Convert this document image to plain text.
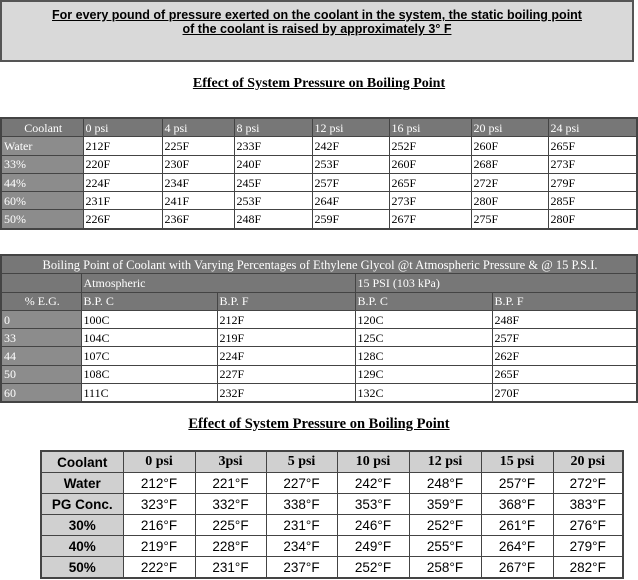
For every pound of pressure exerted on the coolant in the system, the static boiling point
of the coolant is raised by approximately 3° F
Effect of System Pressure on Boiling Point
Coolant	0 psi	4 psi	8 psi	12 psi	16 psi	20 psi	24 psi
Water	212F	225F	233F	242F	252F	260F	265F
33%	220F	230F	240F	253F	260F	268F	273F
44%	224F	234F	245F	257F	265F	272F	279F
60%	231F	241F	253F	264F	273F	280F	285F
50%	226F	236F	248F	259F	267F	275F	280F
Boiling Point of Coolant with Varying Percentages of Ethylene Glycol @t Atmospheric Pressure & @ 15 P.S.I.				
	Atmospheric		15 PSI (103 kPa)	
% E.G.	B.P. C	B.P. F	B.P. C	B.P. F
0	100C	212F	120C	248F
33	104C	219F	125C	257F
44	107C	224F	128C	262F
50	108C	227F	129C	265F
60	111C	232F	132C	270F
Effect of System Pressure on Boiling Point
Coolant	0 psi	3psi	5 psi	10 psi	12 psi	15 psi	20 psi
Water	212°F	221°F	227°F	242°F	248°F	257°F	272°F
PG Conc.	323°F	332°F	338°F	353°F	359°F	368°F	383°F
30%	216°F	225°F	231°F	246°F	252°F	261°F	276°F
40%	219°F	228°F	234°F	249°F	255°F	264°F	279°F
50%	222°F	231°F	237°F	252°F	258°F	267°F	282°F
